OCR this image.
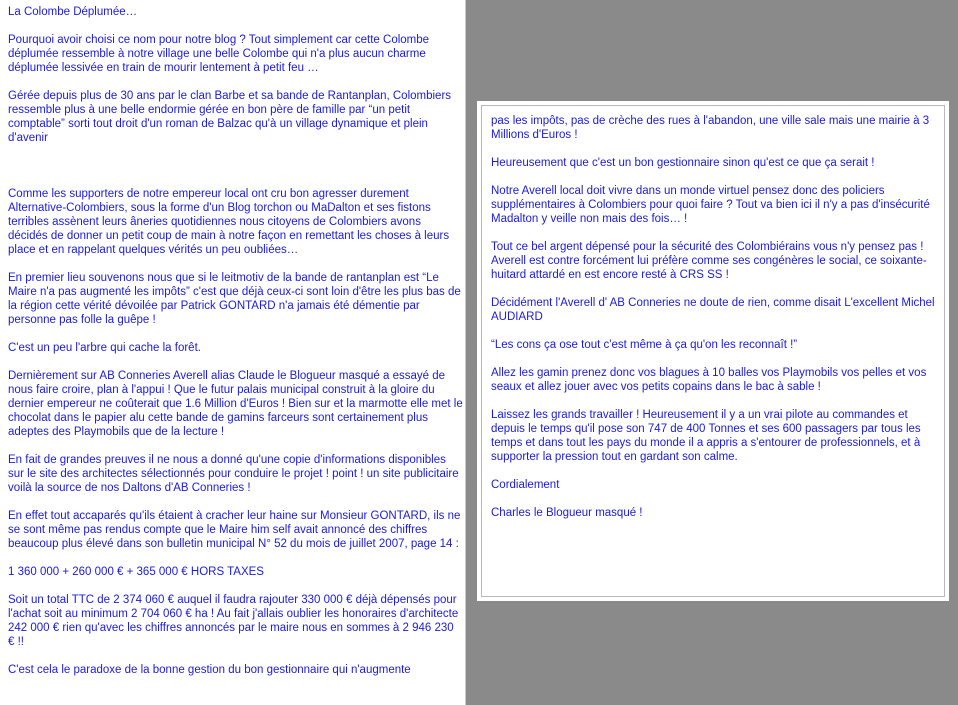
La Colombe Déplumée…

Pourquoi avoir choisi ce nom pour notre blog ? Tout simplement car cette Colombe déplumée ressemble à notre village une belle Colombe qui n'a plus aucun charme déplumée lessivée en train de mourir lentement à petit feu …

Gérée depuis plus de 30 ans par le clan Barbe et sa bande de Rantanplan, Colombiers ressemble plus à une belle endormie gérée en bon père de famille par “un petit comptable” sorti tout droit d'un roman de Balzac qu'à un village dynamique et plein d'avenir

Comme les supporters de notre empereur local ont cru bon agresser durement Alternative-Colombiers, sous la forme d'un Blog torchon ou MaDalton et ses fistons terribles assènent leurs âneries quotidiennes nous citoyens de Colombiers avons décidés de donner un petit coup de main à notre façon en remettant les choses à leurs place et en rappelant quelques vérités un peu oubliées…

En premier lieu souvenons nous que si le leitmotiv de la bande de rantanplan est “Le Maire n'a pas augmenté les impôts” c'est que déjà ceux-ci sont loin d'être les plus bas de la région cette vérité dévoilée par Patrick GONTARD n'a jamais été démentie par personne pas folle la guêpe !

C'est un peu l'arbre qui cache la forêt.

Dernièrement sur AB Conneries Averell alias Claude le Blogueur masqué a essayé de nous faire croire, plan à l'appui ! Que le futur palais municipal construit à la gloire du dernier empereur ne coûterait que 1.6 Million d'Euros ! Bien sur et la marmotte elle met le chocolat dans le papier alu cette bande de gamins farceurs sont certainement plus adeptes des Playmobils que de la lecture !

En fait de grandes preuves il ne nous a donné qu'une copie d'informations disponibles sur le site des architectes sélectionnés pour conduire le projet ! point ! un site publicitaire voilà la source de nos Daltons d'AB Conneries !

En effet tout accaparés qu'ils étaient à cracher leur haine sur Monsieur GONTARD, ils ne se sont même pas rendus compte que le Maire him self avait annoncé des chiffres beaucoup plus élevé dans son bulletin municipal N° 52 du mois de juillet 2007, page 14 :

1 360 000 + 260 000 € + 365 000 € HORS TAXES

Soit un total TTC de 2 374 060 € auquel il faudra rajouter 330 000 € déjà dépensés pour l'achat soit au minimum 2 704 060 € ha ! Au fait j'allais oublier les honoraires d'architecte 242 000 € rien qu'avec les chiffres annoncés par le maire nous en sommes à 2 946 230 € !!

C'est cela le paradoxe de la bonne gestion du bon gestionnaire qui n'augmente

pas les impôts, pas de crèche des rues à l'abandon, une ville sale mais une mairie à 3 Millions d'Euros !

Heureusement que c'est un bon gestionnaire sinon qu'est ce que ça serait !

Notre Averell local doit vivre dans un monde virtuel pensez donc des policiers supplémentaires à Colombiers pour quoi faire ? Tout va bien ici il n'y a pas d'insécurité Madalton y veille non mais des fois… !

Tout ce bel argent dépensé pour la sécurité des Colombiérains vous n'y pensez pas ! Averell est contre forcément lui préfère comme ses congénères le social, ce soixante-huitard attardé en est encore resté à CRS SS !

Décidément l'Averell d' AB Conneries ne doute de rien, comme disait L'excellent Michel AUDIARD

“Les cons ça ose tout c'est même à ça qu'on les reconnaît !”

Allez les gamin prenez donc vos blagues à 10 balles vos Playmobils vos pelles et vos seaux et allez jouer avec vos petits copains dans le bac à sable !

Laissez les grands travailler ! Heureusement il y a un vrai pilote au commandes et depuis le temps qu'il pose son 747 de 400 Tonnes et ses 600 passagers par tous les temps et dans tout les pays du monde il a appris a s'entourer de professionnels, et à supporter la pression tout en gardant son calme.

Cordialement

Charles le Blogueur masqué !
